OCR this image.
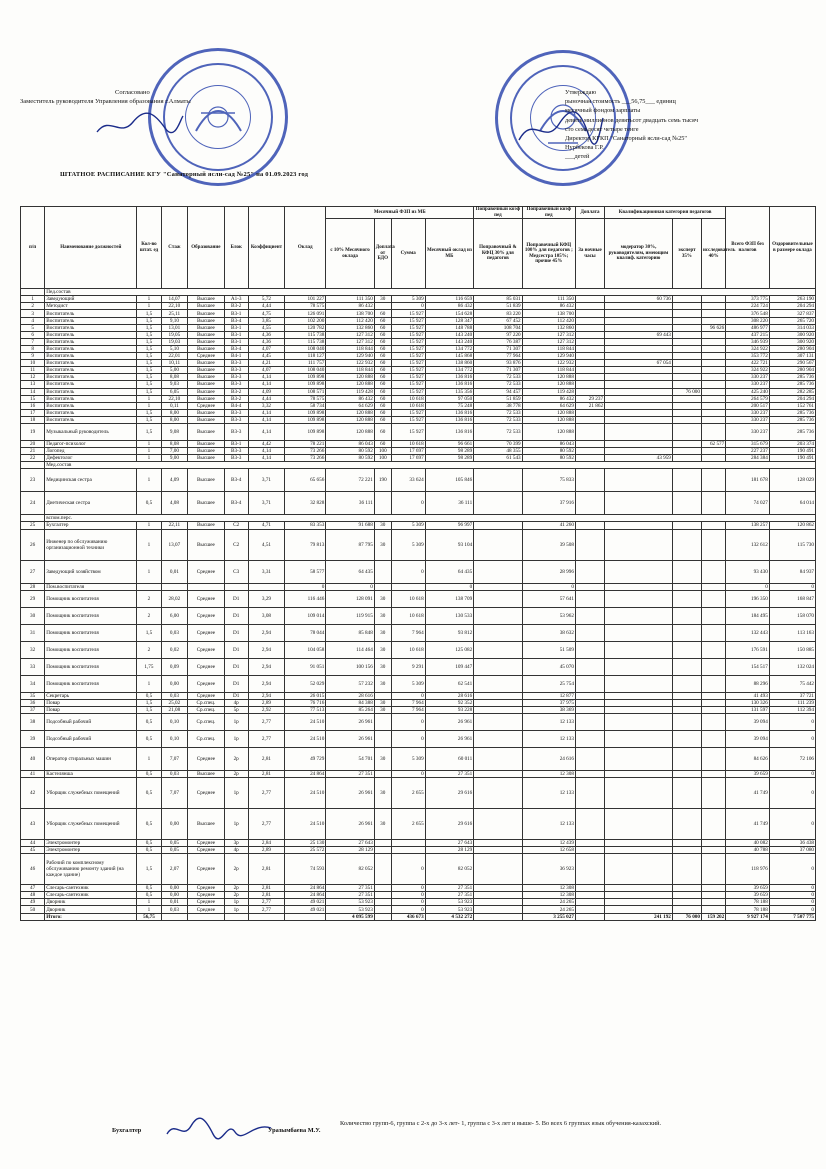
Согласовано
Заместитель руководителя Управления образования г.Алматы
Утверждаю
рыночная стоимость ___56,75___ единиц
месячный фондом зарплаты
девять миллионов девятьсот двадцать семь тысяч
сто семьдесят четыре тенге
Директор КГКП "Санаторный ясли-сад №25"
Нурбекова Г.Р.
___детей
ШТАТНОЕ РАСПИСАНИЕ КГУ "Санаторный ясли-сад №25" на 01.09.2023 год
п/п	Наименование должностей	Кол-во штат. ед	Стаж	Образование	Блок	Коэффициент	Оклад	Месячный ФЗП из МБ				Поправочный коэф пед	Поправочный коэф пед	Доплата	Квалификационная категория педагогов			Всего ФЗП без налогов	Оздоровительные в размере оклада
								с 10% Месячного оклада	Доплата от БДО	Сумма	Месячный оклад из МБ	Поправочный & КФЦ 30% для педагогов	Поправочный КФЦ 100% для педагогов ; Медсестра 105%; прочие 45%	За ночные часы	модератор 30%, руководителям, имеющим квалиф. категорию	эксперт 35%	исследователь 40%		
	Пед.состав																		
1	Заведующий	1	14,07	Высшее	А1-3	5,72	101 227	111 350	30	5 309	116 659	85 031	111 350		60 736			373 775	263 190
2	Методист	1	22,10	Высшее	В3-2	4,44	78 575	86 432		0	86 432	51 839	86 432					224 724	204 294
3	Воспитатель	1,5	25,11	Высшее	В3-1	4,75	126 091	138 700	60	15 927	154 628	83 220	138 700					376 548	327 837
4	Воспитатель	1,5	9,10	Высшее	В3-4	3,85	102 200	112 420	60	15 927	128 347	67 452	112 420					308 220	265 720
5	Воспитатель	1,5	13,01	Высшее	В3-1	4,55	120 782	132 860	60	15 927	148 788	108 704	132 860				96 626	486 977	314 033
6	Воспитатель	1,5	19,05	Высшее	В3-1	4,36	115 738	127 312	60	15 927	143 240	97 220	127 312		69 443			437 215	300 920
7	Воспитатель	1,5	19,03	Высшее	В3-1	4,36	115 738	127 312	60	15 927	143 240	76 387	127 312					346 939	300 920
8	Воспитатель	1,5	5,10	Высшее	В3-4	4,07	108 040	118 844	60	15 927	134 772	71 307	118 844					324 922	280 904
9	Воспитатель	1,5	22,01	Среднее	В4-1	4,45	118 127	129 940	60	15 927	145 868	77 964	129 940					353 772	307 131
10	Воспитатель	1,5	10,11	Высшее	В3-3	4,21	111 757	122 932	60	15 927	138 860	93 876	122 932		67 054			422 721	290 567
11	Воспитатель	1,5	5,00	Высшее	В3-3	4,07	108 040	118 844	60	15 927	134 772	71 307	118 844					324 922	280 904
12	Воспитатель	1,5	8,08	Высшее	В3-3	4,14	109 898	120 888	60	15 927	136 816	72 533	120 888					330 237	285 736
13	Воспитатель	1,5	9,03	Высшее	В3-3	4,14	109 898	120 888	60	15 927	136 816	72 533	120 888					330 237	285 736
14	Воспитатель	1,5	6,05	Высшее	В3-2	4,09	108 571	119 428	60	15 927	135 356	94 457	119 428			76 000		425 240	282 285
15	Воспитатель	1	22,10	Высшее	В3-2	4,44	78 575	86 432	60	10 618	97 050	51 859	86 432	29 237				264 579	204 294
16	Воспитатель	1	0,11	Среднее	В4-4	3,32	58 734	64 629	60	10 618	75 248	38 778	64 629	21 862				200 517	152 761
17	Воспитатель	1,5	8,00	Высшее	В3-3	4,14	109 898	120 888	60	15 927	136 816	72 533	120 888					330 237	285 736
18	Воспитатель	1,5	8,00	Высшее	В3-3	4,14	109 898	120 888	60	15 927	136 816	72 533	120 888					330 237	285 736
19	Музыкальный руководитель	1,5	9,08	Высшее	В3-3	4,14	109 898	120 888	60	15 927	136 816	72 533	120 888					330 237	285 736
20	Педагог-психолог	1	8,08	Высшее	В3-1	4,42	78 221	86 043	60	10 618	96 661	70 399	86 043				62 577	315 679	203 374
21	Логопед	1	7,00	Высшее	В3-3	4,14	73 266	80 592	100	17 697	98 289	48 355	80 592					227 237	190 491
22	Дефектолог	1	9,00	Высшее	В3-3	4,14	73 266	80 592	100	17 697	98 289	61 543	80 592		43 959			284 384	190 491
	Мед.состав																		
23	Медицинская сестра	1	4,09	Высшее	В3-4	3,71	65 656	72 221	190	33 624	105 846		75 833					181 678	128 029
24	Диетическая сестра	0,5	4,08	Высшее	В3-4	3,71	32 828	36 111		0	36 111		37 916					74 027	64 014
	вспом.перс.																		
25	Бухгалтер	1	22,11	Высшее	С2	4,71	83 353	91 688	30	5 309	96 997		41 260					138 257	120 862
26	Инженер по обслуживанию организационной техники	1	13,07	Высшее	С2	4,51	79 813	87 795	30	5 309	93 104		39 508					132 612	115 730
27	Заведующий хозяйством	1	0,01	Среднее	С3	3,31	58 577	64 435		0	64 435		28 996					93 430	84 937
28	Пом.воспитателя						0	0			0		0					0	0
29	Помощник воспитателя	2	28,02	Среднее	D1	3,29	116 446	128 091	30	10 618	138 709		57 641					196 350	168 847
30	Помощник воспитателя	2	6,00	Среднее	D1	3,08	109 014	119 915	30	10 618	130 533		53 962					184 495	158 070
31	Помощник воспитателя	1,5	0,03	Среднее	D1	2,94	78 044	85 848	30	7 964	93 812		38 632					132 443	113 163
32	Помощник воспитателя	2	0,02	Среднее	D1	2,94	104 058	114 464	30	10 618	125 082		51 509					176 591	150 885
33	Помощник воспитателя	1,75	0,09	Среднее	D1	2,94	91 051	100 156	30	9 291	109 447		45 070					154 517	132 024
34	Помощник воспитателя	1	0,00	Среднее	D1	2,94	52 029	57 232	30	5 309	62 541		25 754					88 296	75 442
35	Секретарь	0,5	0,03	Среднее	D1	2,94	26 015	28 616		0	28 616		12 877					41 493	37 721
36	Повар	1,5	25,02	Ср.спец.	4р	2,89	76 716	84 388	30	7 964	92 352		37 975					130 326	111 239
37	Повар	1,5	21,08	Ср.спец.	5р	2,92	77 513	85 264	30	7 964	93 228		38 369					131 597	112 394
38	Подсобный рабочий	0,5	0,10	Ср.спец.	1р	2,77	24 510	26 961		0	26 961		12 133					39 094	0
39	Подсобный рабочий	0,5	0,10	Ср.спец.	1р	2,77	24 510	26 961		0	26 961		12 133					39 094	0
40	Оператор стиральных машин	1	7,07	Среднее	2р	2,81	49 729	54 701	30	5 309	60 011		24 616					84 626	72 106
41	Кастелянша	0,5	0,03	Высшее	2р	2,81	24 864	27 351		0	27 351		12 308					39 659	0
42	Уборщик служебных помещений	0,5	7,07	Среднее	1р	2,77	24 510	26 961	30	2 655	29 616		12 133					41 749	0
43	Уборщик служебных помещений	0,5	0,00	Высшее	1р	2,77	24 510	26 961	30	2 655	29 616		12 133					41 749	0
44	Электромонтер	0,5	0,05	Среднее	3р	2,84	25 130	27 643			27 643		12 439					40 082	36 438
45	Электромонтер	0,5	0,05	Среднее	4р	2,89	25 572	28 129			28 129		12 658					40 788	37 080
46	Рабочий по комплексному обслуживанию ремонту зданий (на каждое здание)	1,5	2,07	Среднее	2р	2,81	74 593	82 052		0	82 052		36 923					118 976	0
47	Слесарь-сантехник	0,5	0,00	Среднее	2р	2,81	24 864	27 351		0	27 351		12 308					39 659	0
48	Слесарь-сантехник	0,5	0,00	Среднее	2р	2,81	24 864	27 351		0	27 351		12 308					39 659	0
49	Дворник	1	0,01	Среднее	1р	2,77	49 021	53 923		0	53 923		24 265					78 188	0
50	Дворник	1	0,03	Среднее	1р	2,77	49 021	53 923		0	53 923		24 265					78 188	0
	Итого:	56,75						4 095 599		436 673	4 532 272		3 255 027		241 192	76 000	159 202	9 927 174	7 507 775
Бухгалтер	Уразымбаева М.У.
Количество групп-6, группа с 2-х до 3-х лет- 1, группа с 3-х лет и выше- 5. Во всех 6 группах язык обучения-казахский.
